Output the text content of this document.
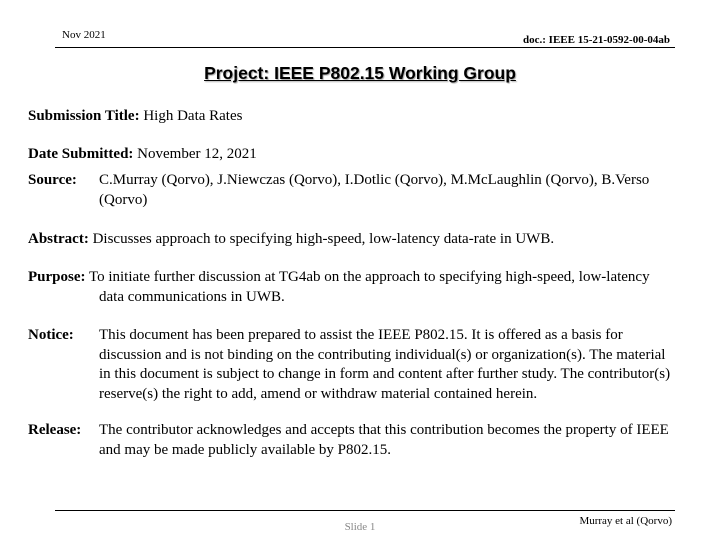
Nov 2021	doc.: IEEE 15-21-0592-00-04ab
Project: IEEE P802.15 Working Group
Submission Title: High Data Rates
Date Submitted: November 12, 2021
Source: C.Murray (Qorvo), J.Niewczas (Qorvo), I.Dotlic (Qorvo), M.McLaughlin (Qorvo), B.Verso (Qorvo)
Abstract: Discusses approach to specifying high-speed, low-latency data-rate in UWB.
Purpose: To initiate further discussion at TG4ab on the approach to specifying high-speed, low-latency data communications in UWB.
Notice: This document has been prepared to assist the IEEE P802.15. It is offered as a basis for discussion and is not binding on the contributing individual(s) or organization(s). The material in this document is subject to change in form and content after further study. The contributor(s) reserve(s) the right to add, amend or withdraw material contained herein.
Release: The contributor acknowledges and accepts that this contribution becomes the property of IEEE and may be made publicly available by P802.15.
Murray et al (Qorvo)
Slide 1
